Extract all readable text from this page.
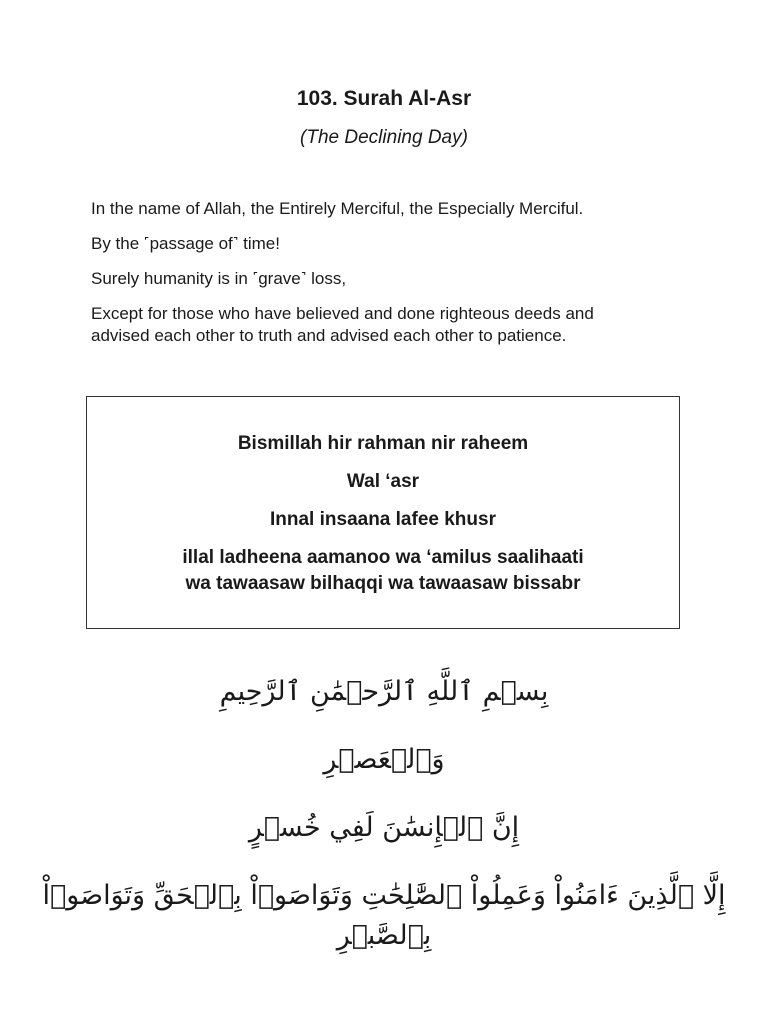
103. Surah Al-Asr
(The Declining Day)

In the name of Allah, the Entirely Merciful, the Especially Merciful.

By the ˹passage of˺ time!

Surely humanity is in ˹grave˺ loss,

Except for those who have believed and done righteous deeds and advised each other to truth and advised each other to patience.

Bismillah hir rahman nir raheem

Wal ‘asr

Innal insaana lafee khusr

illal ladheena aamanoo wa ‘amilus saalihaati
wa tawaasaw bilhaqqi wa tawaasaw bissabr

بِسۡمِ ٱللَّهِ ٱلرَّحۡمَٰنِ ٱلرَّحِيمِ

وَٱلۡعَصۡرِ

إِنَّ ٱلۡإِنسَٰنَ لَفِي خُسۡرٍ

إِلَّا ٱلَّذِينَ ءَامَنُواْ وَعَمِلُواْ ٱلصَّٰلِحَٰتِ وَتَوَاصَوۡاْ بِٱلۡحَقِّ وَتَوَاصَوۡاْ بِٱلصَّبۡرِ
